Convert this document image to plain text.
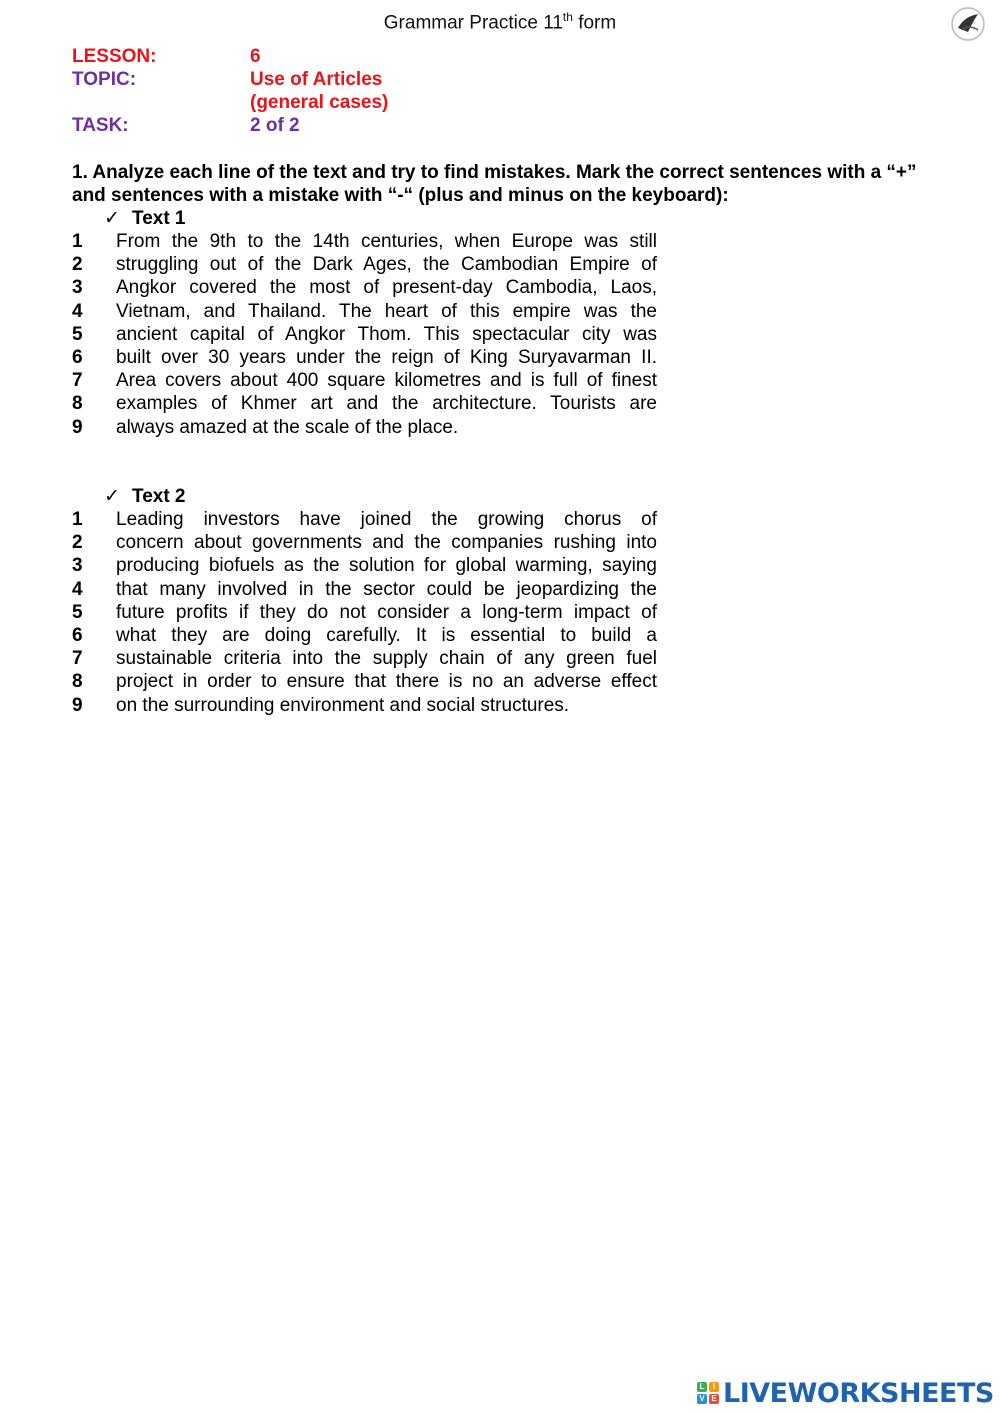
Grammar Practice 11th form
LESSON:	6
TOPIC:	Use of Articles
(general cases)
TASK:	2 of 2
1. Analyze each line of the text and try to find mistakes. Mark the correct sentences with a “+” and sentences with a mistake with “-“ (plus and minus on the keyboard):
✓ Text 1
1	From the 9th to the 14th centuries, when Europe was still
2	struggling out of the Dark Ages, the Cambodian Empire of
3	Angkor covered the most of present-day Cambodia, Laos,
4	Vietnam, and Thailand. The heart of this empire was the
5	ancient capital of Angkor Thom. This spectacular city was
6	built over 30 years under the reign of King Suryavarman II.
7	Area covers about 400 square kilometres and is full of finest
8	examples of Khmer art and the architecture. Tourists are
9	always amazed at the scale of the place.
✓ Text 2
1	Leading investors have joined the growing chorus of
2	concern about governments and the companies rushing into
3	producing biofuels as the solution for global warming, saying
4	that many involved in the sector could be jeopardizing the
5	future profits if they do not consider a long-term impact of
6	what they are doing carefully. It is essential to build a
7	sustainable criteria into the supply chain of any green fuel
8	project in order to ensure that there is no an adverse effect
9	on the surrounding environment and social structures.
L	I
V E LIVEWORKSHEETS
